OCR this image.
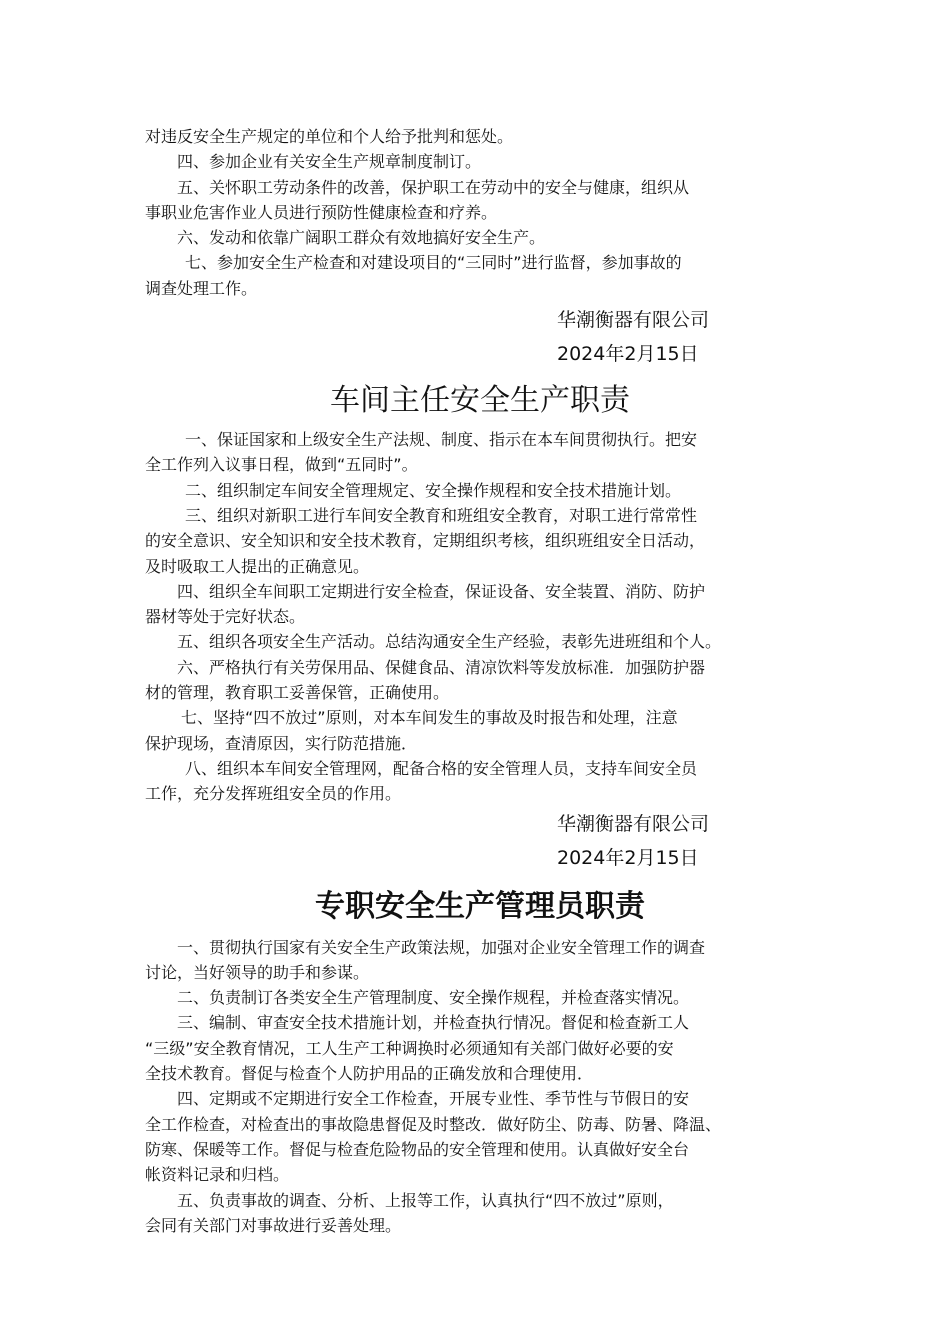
对违反安全生产规定的单位和个人给予批判和惩处。

四、参加企业有关安全生产规章制度制订。

五、关怀职工劳动条件的改善，保护职工在劳动中的安全与健康，组织从

事职业危害作业人员进行预防性健康检查和疗养。

六、发动和依靠广阔职工群众有效地搞好安全生产。

七、参加安全生产检查和对建设项目的“三同时”进行监督，参加事故的

调查处理工作。

华潮衡器有限公司

2024年2月15日

车间主任安全生产职责

一、保证国家和上级安全生产法规、制度、指示在本车间贯彻执行。把安

全工作列入议事日程，做到“五同时”。

二、组织制定车间安全管理规定、安全操作规程和安全技术措施计划。

三、组织对新职工进行车间安全教育和班组安全教育，对职工进行常常性

的安全意识、安全知识和安全技术教育，定期组织考核，组织班组安全日活动，

及时吸取工人提出的正确意见。

四、组织全车间职工定期进行安全检查，保证设备、安全装置、消防、防护

器材等处于完好状态。

五、组织各项安全生产活动。总结沟通安全生产经验，表彰先进班组和个人。

六、严格执行有关劳保用品、保健食品、清凉饮料等发放标准．加强防护器

材的管理，教育职工妥善保管，正确使用。

七、坚持“四不放过”原则，对本车间发生的事故及时报告和处理，注意

保护现场，查清原因，实行防范措施．

八、组织本车间安全管理网，配备合格的安全管理人员，支持车间安全员

工作，充分发挥班组安全员的作用。

华潮衡器有限公司

2024年2月15日

专职安全生产管理员职责

一、贯彻执行国家有关安全生产政策法规，加强对企业安全管理工作的调查

讨论，当好领导的助手和参谋。

二、负责制订各类安全生产管理制度、安全操作规程，并检查落实情况。

三、编制、审查安全技术措施计划，并检查执行情况。督促和检查新工人

“三级”安全教育情况，工人生产工种调换时必须通知有关部门做好必要的安

全技术教育。督促与检查个人防护用品的正确发放和合理使用．

四、定期或不定期进行安全工作检查，开展专业性、季节性与节假日的安

全工作检查，对检查出的事故隐患督促及时整改．做好防尘、防毒、防暑、降温、

防寒、保暖等工作。督促与检查危险物品的安全管理和使用。认真做好安全台

帐资料记录和归档。

五、负责事故的调查、分析、上报等工作，认真执行“四不放过”原则，

会同有关部门对事故进行妥善处理。
